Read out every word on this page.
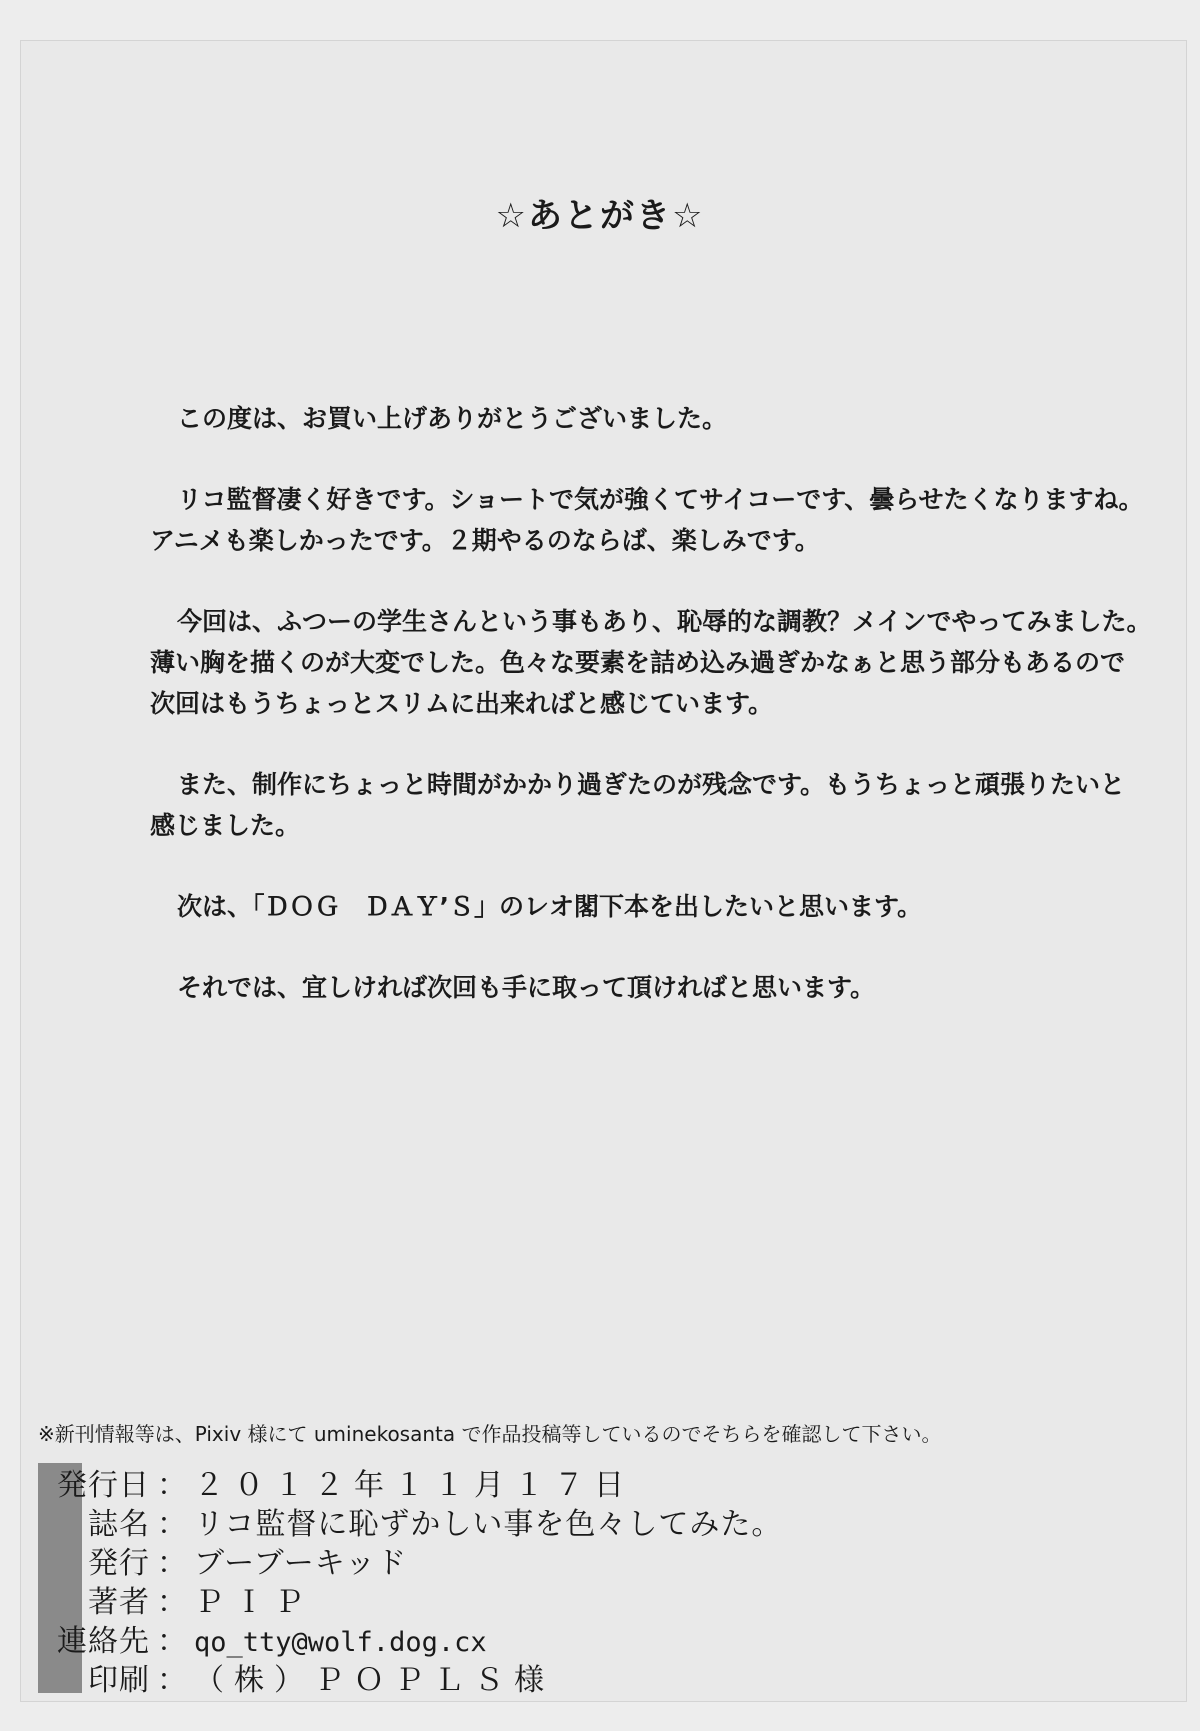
☆あとがき☆
この度は、お買い上げありがとうございました。
リコ監督凄く好きです。ショートで気が強くてサイコーです、曇らせたくなりますね。
アニメも楽しかったです。２期やるのならば、楽しみです。
今回は、ふつーの学生さんという事もあり、恥辱的な調教？メインでやってみました。
薄い胸を描くのが大変でした。色々な要素を詰め込み過ぎかなぁと思う部分もあるので
次回はもうちょっとスリムに出来ればと感じています。
また、制作にちょっと時間がかかり過ぎたのが残念です。もうちょっと頑張りたいと
感じました。
次は、「ＤＯＧ　ＤＡＹ’Ｓ」のレオ閣下本を出したいと思います。
それでは、宜しければ次回も手に取って頂ければと思います。
※新刊情報等は、Pixiv 様にて uminekosanta で作品投稿等しているのでそちらを確認して下さい。
発行日 ： ２０１２年１１月１７日
誌名 ： リコ監督に恥ずかしい事を色々してみた。
発行 ： ブーブーキッド
著者 ： ＰＩＰ
連絡先 ： qo_tty@wolf.dog.cx
印刷 ： （株）ＰＯＰＬＳ様
